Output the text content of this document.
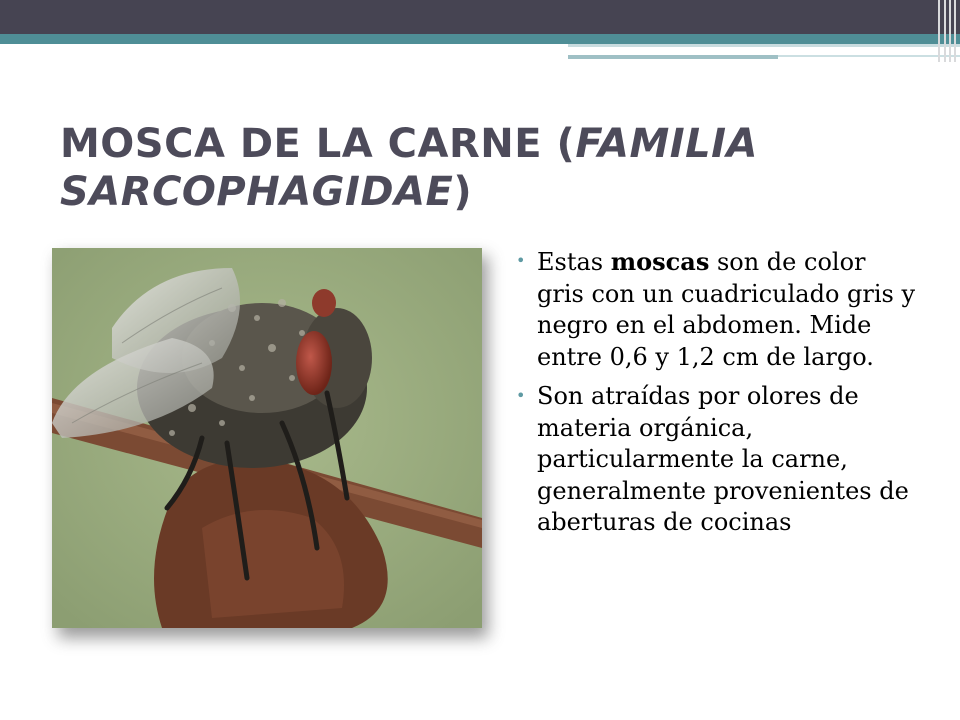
MOSCA DE LA CARNE (FAMILIA SARCOPHAGIDAE)
• Estas moscas son de color gris con un cuadriculado gris y negro en el abdomen. Mide entre 0,6 y 1,2 cm de largo.
• Son atraídas por olores de materia orgánica, particularmente la carne, generalmente provenientes de aberturas de cocinas
